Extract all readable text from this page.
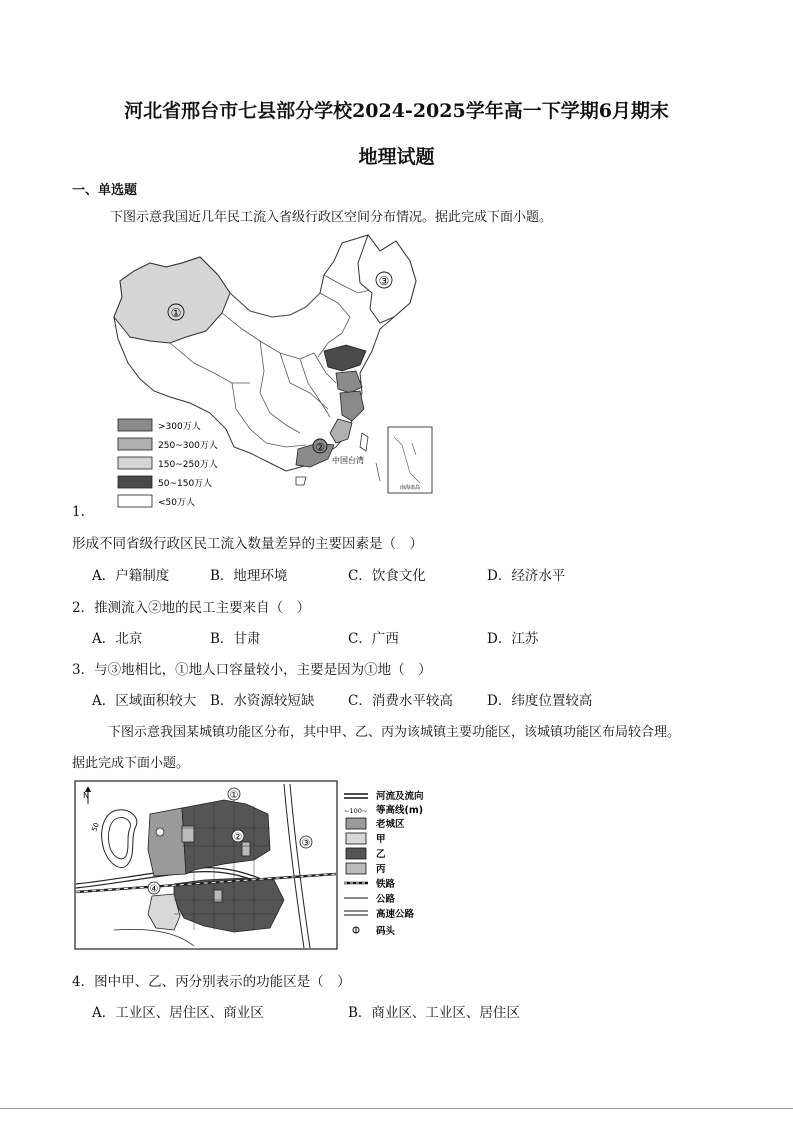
河北省邢台市七县部分学校2024-2025学年高一下学期6月期末
地理试题
一、单选题
下图示意我国近几年民工流入省级行政区空间分布情况。据此完成下面小题。
①
②
③
中国台湾
南海诸岛
>300万人
250~300万人
150~250万人
50~150万人
<50万人
1.
形成不同省级行政区民工流入数量差异的主要因素是（　）
A．户籍制度	B．地理环境	C．饮食文化	D．经济水平
2．推测流入②地的民工主要来自（　）
A．北京	B．甘肃	C．广西	D．江苏
3．与③地相比，①地人口容量较小，主要是因为①地（　）
A．区域面积较大 B．水资源较短缺 C．消费水平较高	D．纬度位置较高
下图示意我国某城镇功能区分布，其中甲、乙、丙为该城镇主要功能区，该城镇功能区布局较合理。
据此完成下面小题。
N
50
①
②
③
④
河流及流向
~100~ 等高线(m)
老城区
甲
乙
丙
铁路
公路
高速公路
码头
4．图中甲、乙、丙分别表示的功能区是（　）
A．工业区、居住区、商业区	B．商业区、工业区、居住区
